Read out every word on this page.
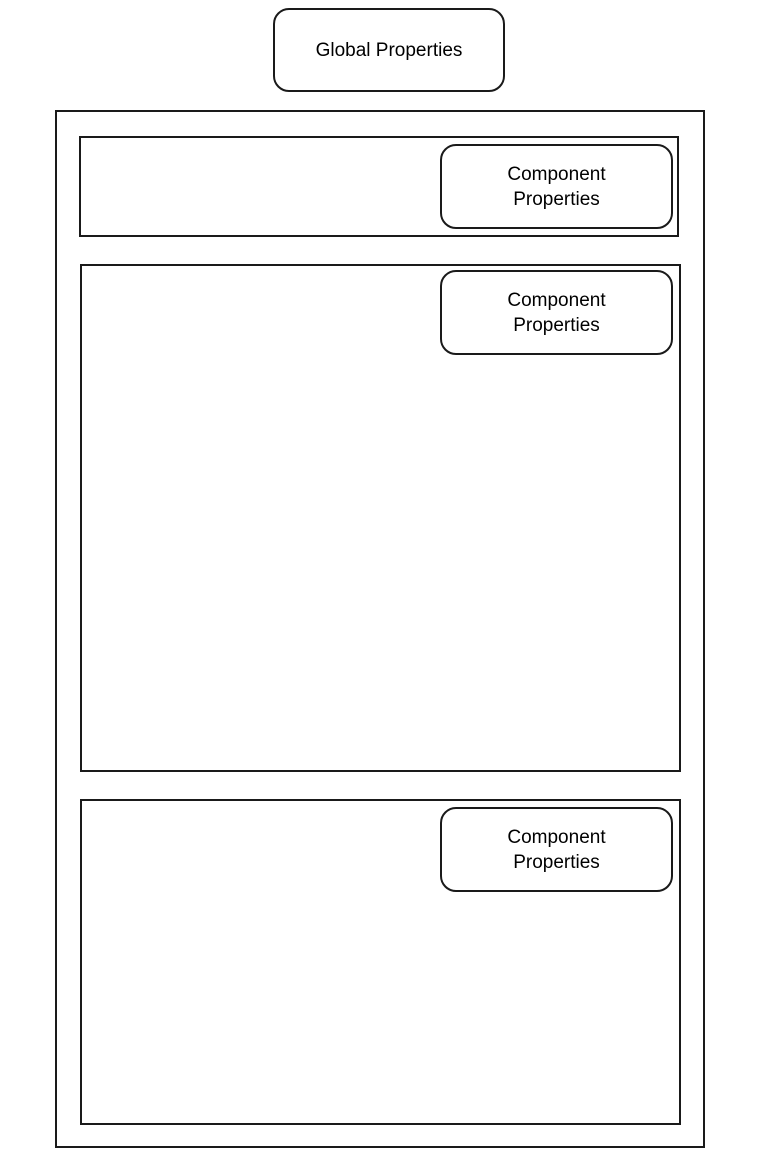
Global Properties
Component
Properties
Component
Properties
Component
Properties
